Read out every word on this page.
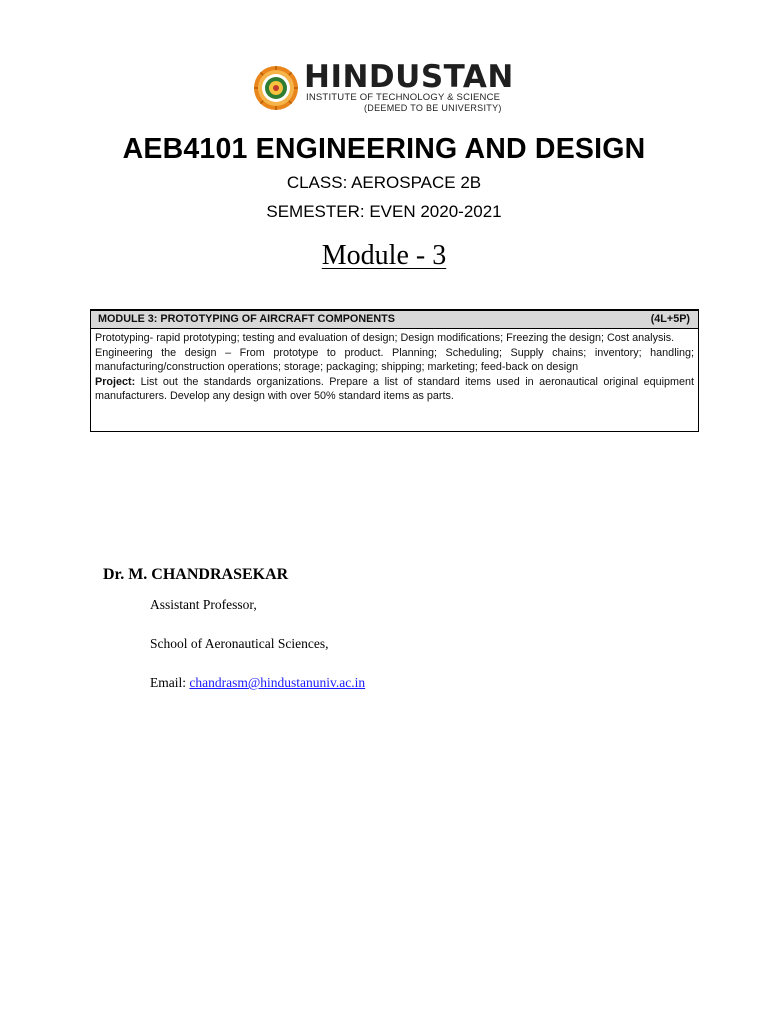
HINDUSTAN
INSTITUTE OF TECHNOLOGY & SCIENCE
(DEEMED TO BE UNIVERSITY)
AEB4101 ENGINEERING AND DESIGN
CLASS: AEROSPACE 2B
SEMESTER: EVEN 2020-2021
Module - 3
MODULE 3: PROTOTYPING OF AIRCRAFT COMPONENTS	(4L+5P)
Prototyping- rapid prototyping; testing and evaluation of design; Design modifications; Freezing the design; Cost analysis.
Engineering the design – From prototype to product. Planning; Scheduling; Supply chains; inventory; handling; manufacturing/construction operations; storage; packaging; shipping; marketing; feed-back on design
Project: List out the standards organizations. Prepare a list of standard items used in aeronautical original equipment manufacturers. Develop any design with over 50% standard items as parts.
Dr. M. CHANDRASEKAR
Assistant Professor,
School of Aeronautical Sciences,
Email: chandrasm@hindustanuniv.ac.in
